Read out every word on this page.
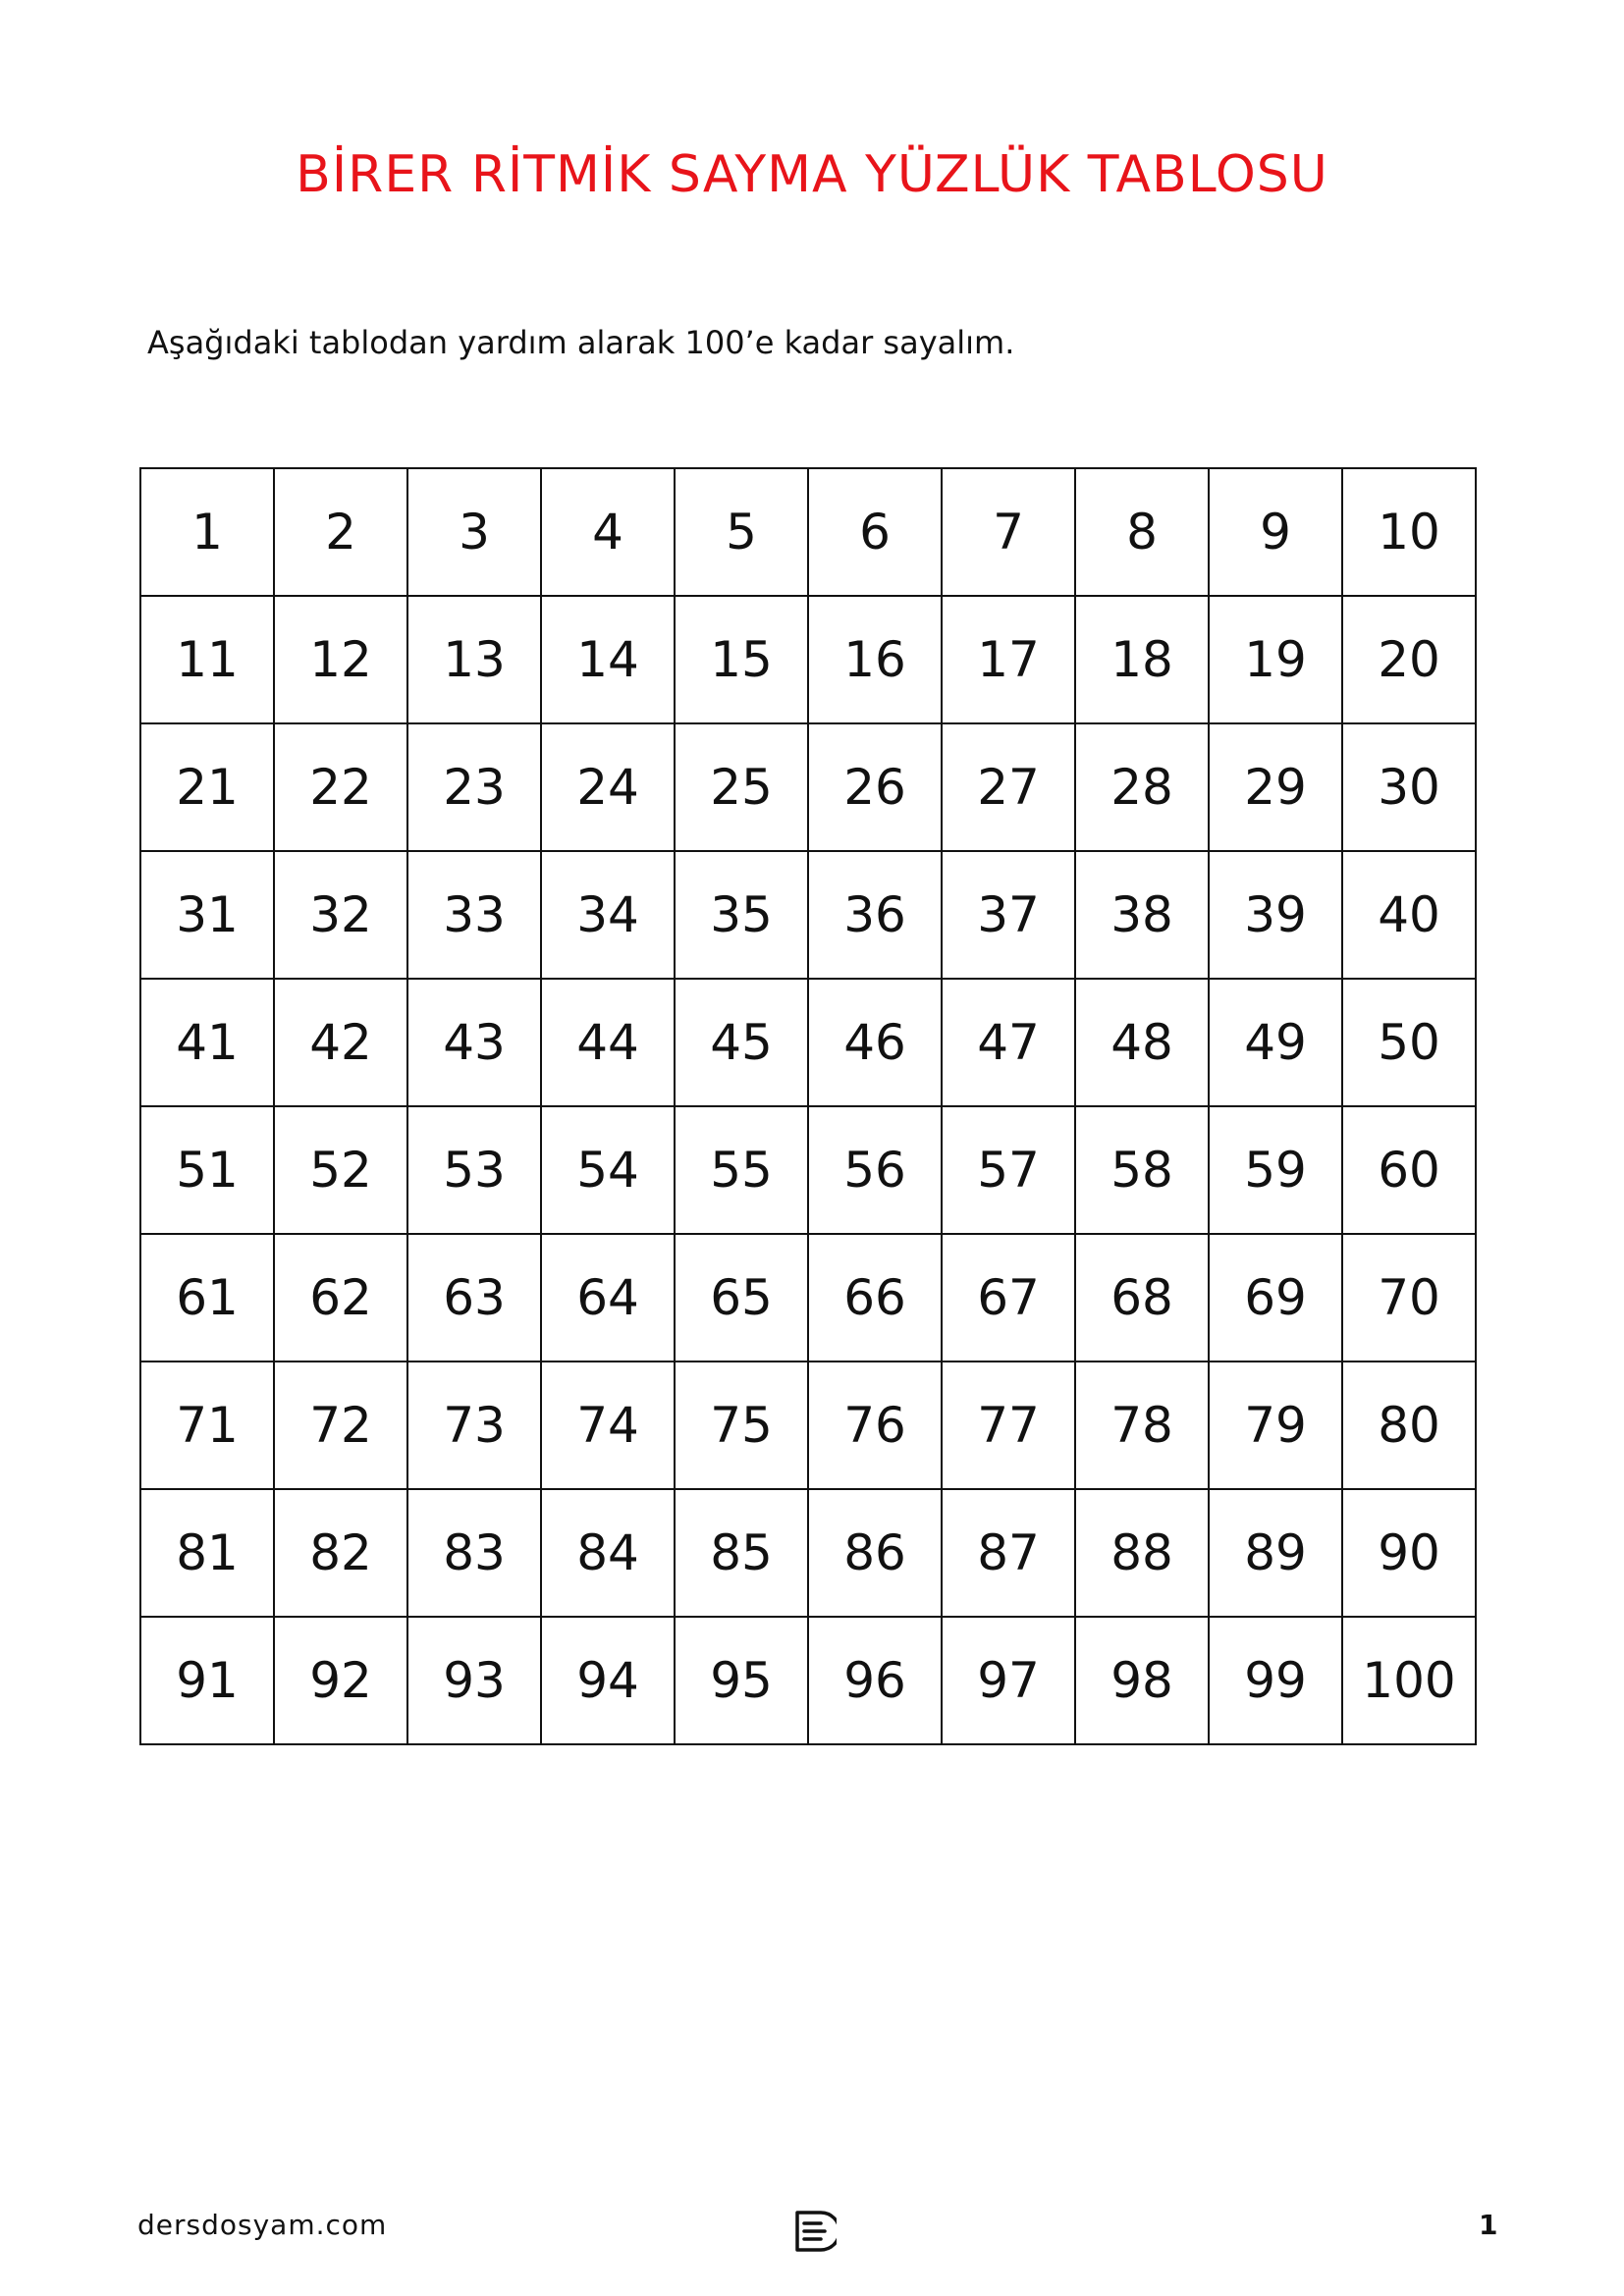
BİRER RİTMİK SAYMA YÜZLÜK TABLOSU
Aşağıdaki tablodan yardım alarak 100’e kadar sayalım.
1	2	3	4	5	6	7	8	9	10
11	12	13	14	15	16	17	18	19	20
21	22	23	24	25	26	27	28	29	30
31	32	33	34	35	36	37	38	39	40
41	42	43	44	45	46	47	48	49	50
51	52	53	54	55	56	57	58	59	60
61	62	63	64	65	66	67	68	69	70
71	72	73	74	75	76	77	78	79	80
81	82	83	84	85	86	87	88	89	90
91	92	93	94	95	96	97	98	99	100
dersdosyam.com	1
